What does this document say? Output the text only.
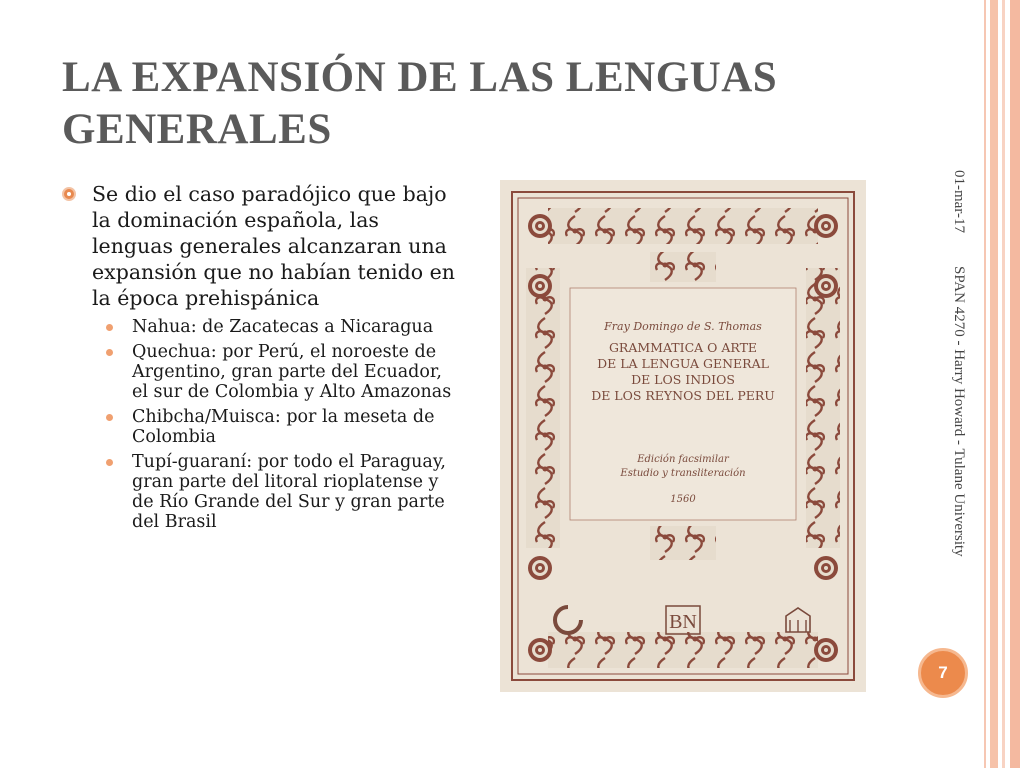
LA EXPANSIÓN DE LAS LENGUAS GENERALES
Se dio el caso paradójico que bajo la dominación española, las lenguas generales alcanzaran una expansión que no habían tenido en la época prehispánica
Nahua: de Zacatecas a Nicaragua
Quechua: por Perú, el noroeste de Argentino, gran parte del Ecuador, el sur de Colombia y Alto Amazonas
Chibcha/Muisca: por la meseta de Colombia
Tupí-guaraní: por todo el Paraguay, gran parte del litoral rioplatense y de Río Grande del Sur y gran parte del Brasil
Fray Domingo de S. Thomas
GRAMMATICA O ARTE
DE LA LENGUA GENERAL
DE LOS INDIOS
DE LOS REYNOS DEL PERU
Edición facsimilar
Estudio y transliteración
1560
BN
01-mar-17
SPAN 4270 - Harry Howard - Tulane University
7
